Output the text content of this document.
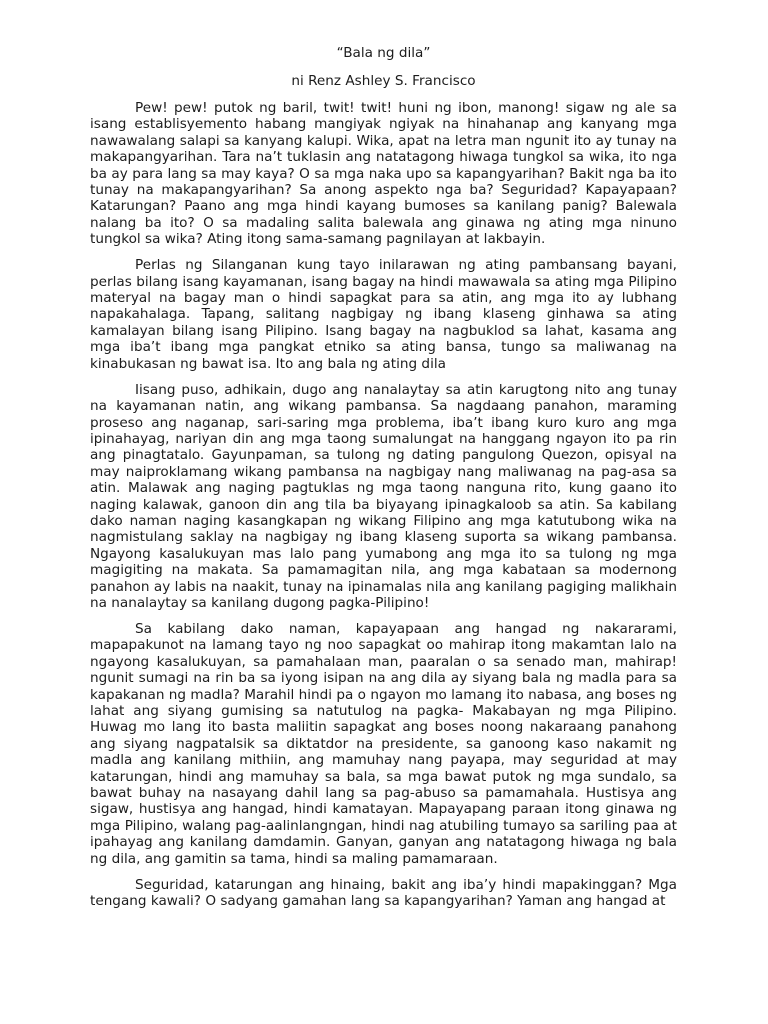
“Bala ng dila”

ni Renz Ashley S. Francisco

Pew! pew! putok ng baril, twit! twit! huni ng ibon, manong! sigaw ng ale sa isang establisyemento habang mangiyak ngiyak na hinahanap ang kanyang mga nawawalang salapi sa kanyang kalupi. Wika, apat na letra man ngunit ito ay tunay na makapangyarihan. Tara na’t tuklasin ang natatagong hiwaga tungkol sa wika, ito nga ba ay para lang sa may kaya? O sa mga naka upo sa kapangyarihan? Bakit nga ba ito tunay na makapangyarihan? Sa anong aspekto nga ba? Seguridad? Kapayapaan? Katarungan? Paano ang mga hindi kayang bumoses sa kanilang panig? Balewala nalang ba ito? O sa madaling salita balewala ang ginawa ng ating mga ninuno tungkol sa wika? Ating itong sama-samang pagnilayan at lakbayin.

Perlas ng Silanganan kung tayo inilarawan ng ating pambansang bayani, perlas bilang isang kayamanan, isang bagay na hindi mawawala sa ating mga Pilipino materyal na bagay man o hindi sapagkat para sa atin, ang mga ito ay lubhang napakahalaga. Tapang, salitang nagbigay ng ibang klaseng ginhawa sa ating kamalayan bilang isang Pilipino. Isang bagay na nagbuklod sa lahat, kasama ang mga iba’t ibang mga pangkat etniko sa ating bansa, tungo sa maliwanag na kinabukasan ng bawat isa. Ito ang bala ng ating dila

Iisang puso, adhikain, dugo ang nanalaytay sa atin karugtong nito ang tunay na kayamanan natin, ang wikang pambansa. Sa nagdaang panahon, maraming proseso ang naganap, sari-saring mga problema, iba’t ibang kuro kuro ang mga ipinahayag, nariyan din ang mga taong sumalungat na hanggang ngayon ito pa rin ang pinagtatalo. Gayunpaman, sa tulong ng dating pangulong Quezon, opisyal na may naiproklamang wikang pambansa na nagbigay nang maliwanag na pag-asa sa atin. Malawak ang naging pagtuklas ng mga taong nanguna rito, kung gaano ito naging kalawak, ganoon din ang tila ba biyayang ipinagkaloob sa atin. Sa kabilang dako naman naging kasangkapan ng wikang Filipino ang mga katutubong wika na nagmistulang saklay na nagbigay ng ibang klaseng suporta sa wikang pambansa. Ngayong kasalukuyan mas lalo pang yumabong ang mga ito sa tulong ng mga magigiting na makata. Sa pamamagitan nila, ang mga kabataan sa modernong panahon ay labis na naakit, tunay na ipinamalas nila ang kanilang pagiging malikhain na nanalaytay sa kanilang dugong pagka-Pilipino!

Sa kabilang dako naman, kapayapaan ang hangad ng nakararami, mapapakunot na lamang tayo ng noo sapagkat oo mahirap itong makamtan lalo na ngayong kasalukuyan, sa pamahalaan man, paaralan o sa senado man, mahirap! ngunit sumagi na rin ba sa iyong isipan na ang dila ay siyang bala ng madla para sa kapakanan ng madla? Marahil hindi pa o ngayon mo lamang ito nabasa, ang boses ng lahat ang siyang gumising sa natutulog na pagka- Makabayan ng mga Pilipino. Huwag mo lang ito basta maliitin sapagkat ang boses noong nakaraang panahong ang siyang nagpatalsik sa diktatdor na presidente, sa ganoong kaso nakamit ng madla ang kanilang mithiin, ang mamuhay nang payapa, may seguridad at may katarungan, hindi ang mamuhay sa bala, sa mga bawat putok ng mga sundalo, sa bawat buhay na nasayang dahil lang sa pag-abuso sa pamamahala. Hustisya ang sigaw, hustisya ang hangad, hindi kamatayan. Mapayapang paraan itong ginawa ng mga Pilipino, walang pag-aalinlangngan, hindi nag atubiling tumayo sa sariling paa at ipahayag ang kanilang damdamin. Ganyan, ganyan ang natatagong hiwaga ng bala ng dila, ang gamitin sa tama, hindi sa maling pamamaraan.

Seguridad, katarungan ang hinaing, bakit ang iba’y hindi mapakinggan? Mga tengang kawali? O sadyang gamahan lang sa kapangyarihan? Yaman ang hangad at
